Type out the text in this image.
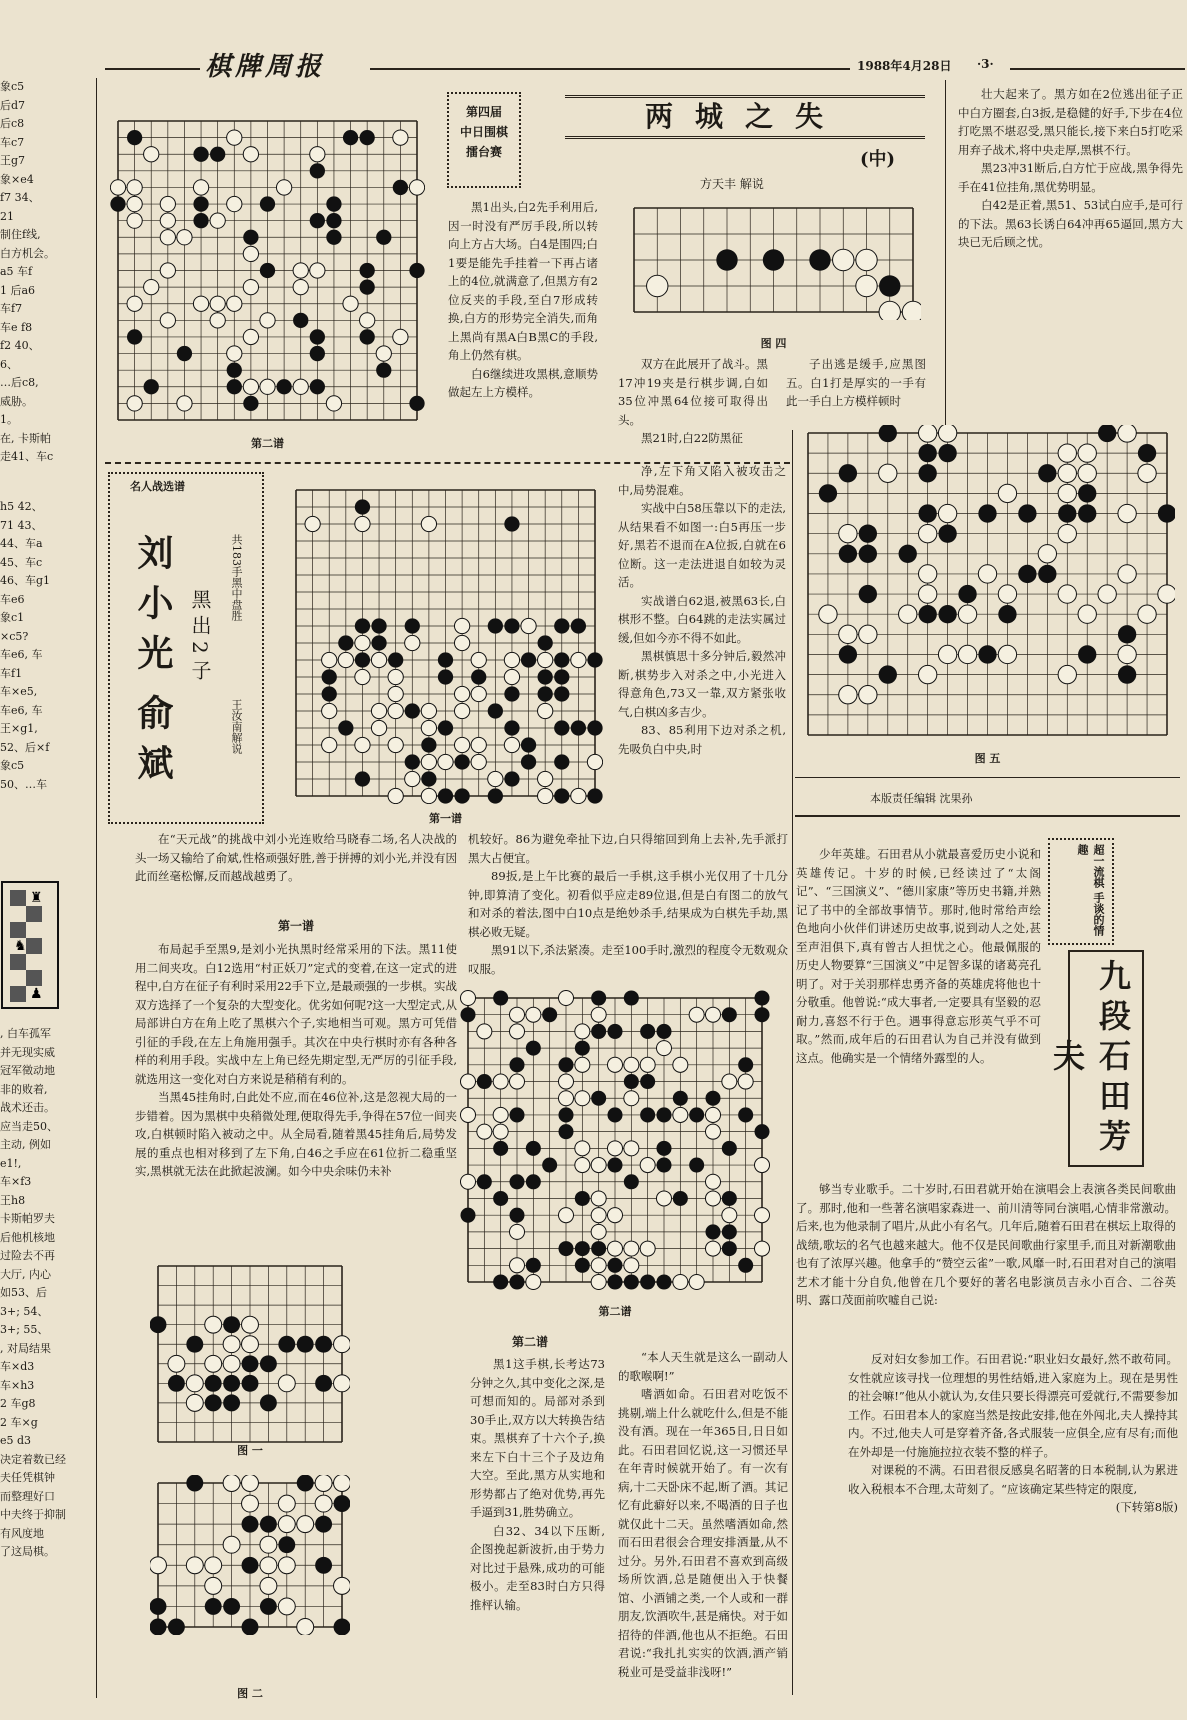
棋牌周报	1988年4月28日 ·3·
象c5
后d7
后c8
车c7
王g7
象×e4
f7 34、
21
制住f线,
白方机会。
a5 车f
1 后a6
车f7
车e f8
f2 40、
6、
…后c8,
威胁。
1。
在, 卡斯帕
走41、车c
h5 42、
71 43、
44、车a
45、车c
46、车g1
车e6
象c1
×c5?
车e6, 车
车f1
车×e5,
车e6, 车
王×g1,
52、后×f
象c5
50、…车
♜
♞
♟
, 白车孤军
并无现实威
冠军徵动地
非的败着,
战术还击。
应当走50、
主动, 例如
e1!,
车×f3
王h8
卡斯帕罗夫
后他机核地
过险去不再
大厅, 内心
如53、后
3+; 54、
3+; 55、
, 对局结果
车×d3
车×h3
2 车g8
2 车×g
e5 d3
决定着数已经
夫任凭棋钟
而整理好口
中夫终于抑制
有风度地
了这局棋。
第二谱
图 四
图 五
第一谱
第二谱
图 一
图 二
第四届
中日围棋
擂台赛
两城之失
(中)
方天丰 解说

黑1出头,白2先手利用后,因一时没有严厉手段,所以转向上方占大场。白4是围四;白1要是能先手挂着一下再占诸上的4位,就满意了,但黑方有2位反夹的手段,至白7形成转换,白方的形势完全消失,而角上黑尚有黑A白B黑C的手段,角上仍然有棋。

白6继续进攻黑棋,意顺势做起左上方模样。

双方在此展开了战斗。黑17冲19夹是行棋步调,白如35位冲黑64位接可取得出头。

黑21时,白22防黑征

子出逃是缓手,应黑图五。白1打是厚实的一手有此一手白上方模样顿时

壮大起来了。黑方如在2位逃出征子正中白方圈套,白3扳,是稳健的好手,下步在4位打吃黑不堪忍受,黑只能长,接下来白5打吃采用弃子战术,将中央走厚,黑棋不行。

黑23冲31断后,白方忙于应战,黑争得先手在41位挂角,黑优势明显。

白42是正着,黑51、53试白应手,是可行的下法。黑63长诱白64冲再65逼回,黑方大块已无后顾之忧。

名人战选谱
刘小光
俞斌
黑出2子
共183手黑中盘胜
王汝南解说

净,左下角又陷入被攻击之中,局势混难。

实战中白58压靠以下的走法,从结果看不如图一:白5再压一步好,黑若不退而在A位扳,白就在6位断。这一走法进退自如较为灵活。

实战谱白62退,被黑63长,白棋形不整。白64跳的走法实属过缓,但如今亦不得不如此。

黑棋慎思十多分钟后,毅然冲断,棋势步入对杀之中,小光进入得意角色,73又一靠,双方紧张收气,白棋凶多吉少。

83、85利用下边对杀之机,先吸负白中央,时

在“天元战”的挑战中刘小光连败给马晓春二场,名人决战的头一场又输给了俞斌,性格顽强好胜,善于拼搏的刘小光,并没有因此而丝毫松懈,反而越战越勇了。

机较好。86为避免牵扯下边,白只得缩回到角上去补,先手派打黑大占便宜。

89扳,是上午比赛的最后一手棋,这手棋小光仅用了十几分钟,即算清了变化。初看似乎应走89位退,但是白有图二的放气和对杀的着法,图中白10点是绝妙杀手,结果成为白棋先手劫,黑棋必败无疑。

黑91以下,杀法紧凑。走至100手时,激烈的程度令无数观众叹服。

第一谱

布局起手至黑9,是刘小光执黑时经常采用的下法。黑11使用二间夹攻。白12选用“村正妖刀”定式的变着,在这一定式的进程中,白方在征子有利时采用22手下立,是最顽强的一步棋。实战双方选择了一个复杂的大型变化。优劣如何呢?这一大型定式,从局部讲白方在角上吃了黑棋六个子,实地相当可观。黑方可凭借引征的手段,在左上角施用强手。其次在中央行棋时亦有各种各样的利用手段。实战中左上角已经先期定型,无严厉的引征手段,就选用这一变化对白方来说是稍稍有利的。

当黑45挂角时,白此处不应,而在46位补,这是忽视大局的一步错着。因为黑棋中央稍微处理,便取得先手,争得在57位一间夹攻,白棋顿时陷入被动之中。从全局看,随着黑45挂角后,局势发展的重点也相对移到了左下角,白46之手应在61位折二稳重坚实,黑棋就无法在此掀起波澜。如今中央余味仍未补

第二谱

黑1这手棋,长考达73分钟之久,其中变化之深,是可想而知的。局部对杀到30手止,双方以大转换告结束。黑棋弃了十六个子,换来左下白十三个子及边角大空。至此,黑方从实地和形势都占了绝对优势,再先手逼到31,胜势确立。

白32、34以下压断,企图挽起新波折,由于势力对比过于悬殊,成功的可能极小。走至83时白方只得推枰认输。

本版责任编辑 沈果孙
超一流棋 手谈的情趣
九段石田芳夫

少年英雄。石田君从小就最喜爱历史小说和英雄传记。十岁的时候,已经读过了“太阁记”、“三国演义”、“德川家康”等历史书籍,并熟记了书中的全部故事情节。那时,他时常给声绘色地向小伙伴们讲述历史故事,说到动人之处,甚至声泪俱下,真有曾古人担忧之心。他最佩服的历史人物要算“三国演义”中足智多谋的诸葛亮孔明了。对于关羽那样忠勇齐备的英雄虎将他也十分敬重。他曾说:“成大事者,一定要具有坚毅的忍耐力,喜怒不行于色。遇事得意忘形英气乎不可取。”然而,成年后的石田君认为自己并没有做到这点。他确实是一个情绪外露型的人。

够当专业歌手。二十岁时,石田君就开始在演唱会上表演各类民间歌曲了。那时,他和一些著名演唱家森进一、前川清等同台演唱,心情非常激动。后来,也为他录制了唱片,从此小有名气。几年后,随着石田君在棋坛上取得的战绩,歌坛的名气也越来越大。他不仅是民间歌曲行家里手,而且对新潮歌曲也有了浓厚兴趣。他拿手的“赞空云雀”一歌,风靡一时,石田君对自己的演唱艺术才能十分自负,他曾在几个要好的著名电影演员吉永小百合、二谷英明、露口茂面前吹嘘自己说:

“本人天生就是这么一副动人的歌喉啊!”

嗜酒如命。石田君对吃饭不挑剔,端上什么就吃什么,但是不能没有酒。现在一年365日,日日如此。石田君回忆说,这一习惯还早在年青时候就开始了。有一次有病,十二天卧床不起,断了酒。其记忆有此癖好以来,不喝酒的日子也就仅此十二天。虽然嗜酒如命,然而石田君很会合理安排酒量,从不过分。另外,石田君不喜欢到高级场所饮酒,总是随便出入于快餐馆、小酒铺之类,一个人或和一群朋友,饮酒吹牛,甚是痛快。对于如招待的伴酒,他也从不拒绝。石田君说:“我扎扎实实的饮酒,酒产销税业可是受益非浅呀!”

反对妇女参加工作。石田君说:“职业妇女最好,然不敢苟同。女性就应该寻找一位理想的男性结婚,进入家庭为上。现在是男性的社会嘛!”他从小就认为,女佳只要长得漂亮可爱就行,不需要参加工作。石田君本人的家庭当然是按此安排,他在外闯北,夫人操持其内。不过,他夫人可是穿着齐备,各式服装一应俱全,应有尽有;而他在外却是一付施施拉拉衣装不整的样子。

对课税的不满。石田君很反感臭名昭著的日本税制,认为累进收入税根本不合理,太苛刻了。“应该确定某些特定的限度,

(下转第8版)
